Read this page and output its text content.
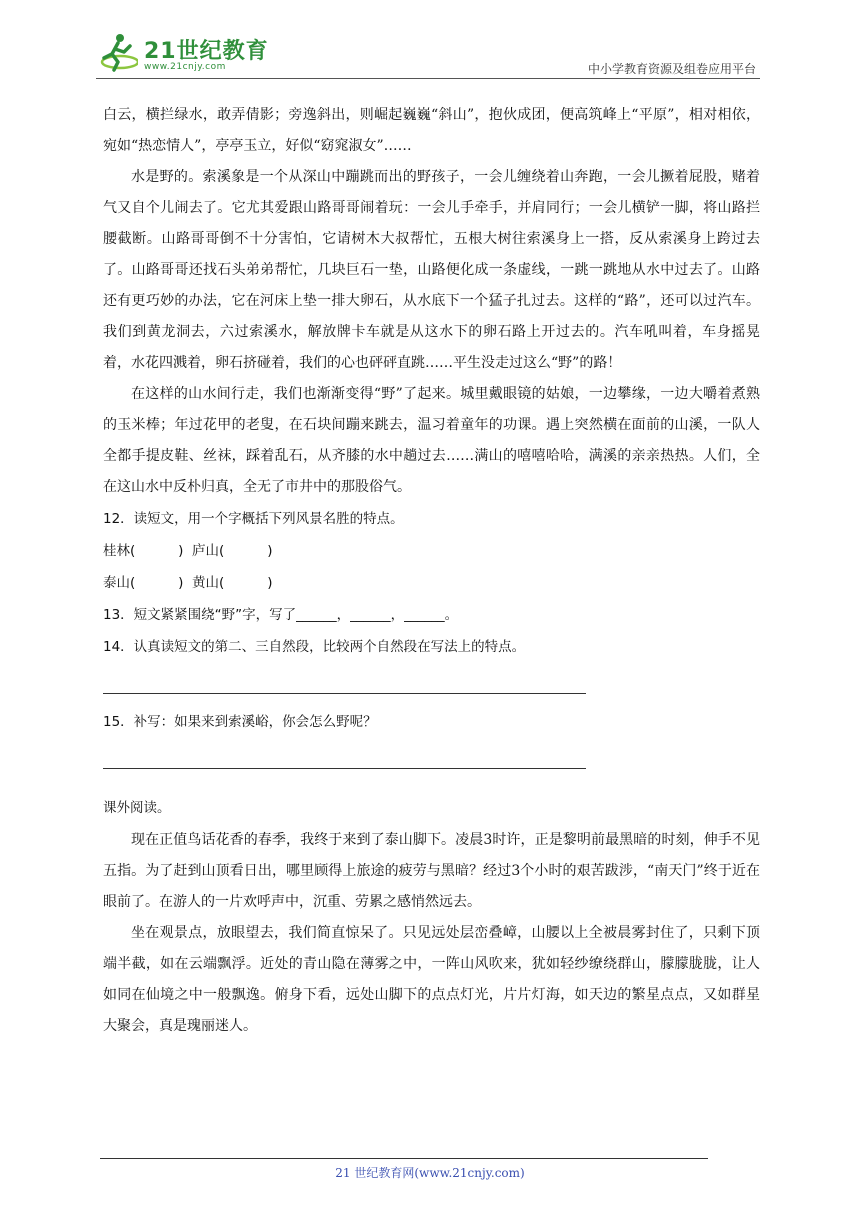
21世纪教育
www.21cnjy.com	中小学教育资源及组卷应用平台

白云，横拦绿水，敢弄倩影；旁逸斜出，则崛起巍巍“斜山”，抱伙成团，便高筑峰上“平原”，相对相依，宛如“热恋情人”，亭亭玉立，好似“窈窕淑女”……

水是野的。索溪象是一个从深山中蹦跳而出的野孩子，一会儿缠绕着山奔跑，一会儿撅着屁股，赌着气又自个儿闹去了。它尤其爱跟山路哥哥闹着玩：一会儿手牵手，并肩同行；一会儿横铲一脚，将山路拦腰截断。山路哥哥倒不十分害怕，它请树木大叔帮忙，五根大树往索溪身上一搭，反从索溪身上跨过去了。山路哥哥还找石头弟弟帮忙，几块巨石一垫，山路便化成一条虚线，一跳一跳地从水中过去了。山路还有更巧妙的办法，它在河床上垫一排大卵石，从水底下一个猛子扎过去。这样的“路”，还可以过汽车。我们到黄龙洞去，六过索溪水，解放牌卡车就是从这水下的卵石路上开过去的。汽车吼叫着，车身摇晃着，水花四溅着，卵石挤碰着，我们的心也砰砰直跳……平生没走过这么“野”的路！

在这样的山水间行走，我们也渐渐变得“野”了起来。城里戴眼镜的姑娘，一边攀缘，一边大嚼着煮熟的玉米棒；年过花甲的老叟，在石块间蹦来跳去，温习着童年的功课。遇上突然横在面前的山溪，一队人全都手提皮鞋、丝袜，踩着乱石，从齐膝的水中趟过去……满山的嘻嘻哈哈，满溪的亲亲热热。人们，全在这山水中反朴归真，全无了市井中的那股俗气。

12．读短文，用一个字概括下列风景名胜的特点。

桂林(          )  庐山(          )

泰山(          )  黄山(          )

13．短文紧紧围绕“野”字，写了______，______，______。

14．认真读短文的第二、三自然段，比较两个自然段在写法上的特点。

15．补写：如果来到索溪峪，你会怎么野呢？

课外阅读。

现在正值鸟话花香的春季，我终于来到了泰山脚下。凌晨3时许，正是黎明前最黑暗的时刻，伸手不见五指。为了赶到山顶看日出，哪里顾得上旅途的疲劳与黑暗？经过3个小时的艰苦跋涉，“南天门”终于近在眼前了。在游人的一片欢呼声中，沉重、劳累之感悄然远去。

坐在观景点，放眼望去，我们简直惊呆了。只见远处层峦叠嶂，山腰以上全被晨雾封住了，只剩下顶端半截，如在云端飘浮。近处的青山隐在薄雾之中，一阵山风吹来，犹如轻纱缭绕群山，朦朦胧胧，让人如同在仙境之中一般飘逸。俯身下看，远处山脚下的点点灯光，片片灯海，如天边的繁星点点，又如群星大聚会，真是瑰丽迷人。

21 世纪教育网(www.21cnjy.com)
